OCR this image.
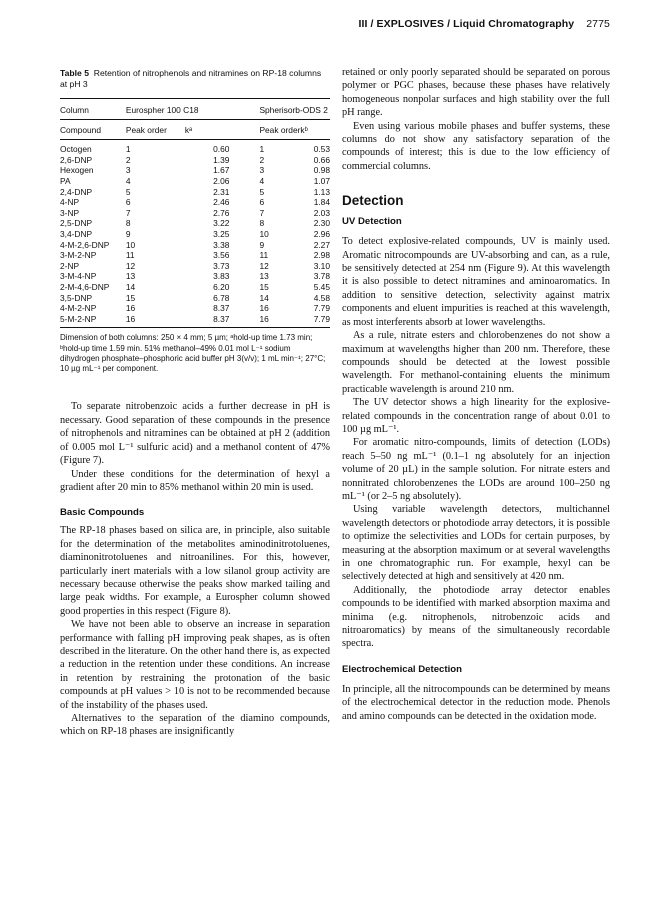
III / EXPLOSIVES / Liquid Chromatography 2775
Table 5 Retention of nitrophenols and nitramines on RP-18 columns at pH 3
Column	Eurospher 100 C18		Spherisorb-ODS 2	
Compound	Peak order	kᵃ	Peak order	kᵇ
Octogen	1	0.60	1	0.53
2,6-DNP	2	1.39	2	0.66
Hexogen	3	1.67	3	0.98
PA	4	2.06	4	1.07
2,4-DNP	5	2.31	5	1.13
4-NP	6	2.46	6	1.84
3-NP	7	2.76	7	2.03
2,5-DNP	8	3.22	8	2.30
3,4-DNP	9	3.25	10	2.96
4-M-2,6-DNP	10	3.38	9	2.27
3-M-2-NP	11	3.56	11	2.98
2-NP	12	3.73	12	3.10
3-M-4-NP	13	3.83	13	3.78
2-M-4,6-DNP	14	6.20	15	5.45
3,5-DNP	15	6.78	14	4.58
4-M-2-NP	16	8.37	16	7.79
5-M-2-NP	16	8.37	16	7.79
Dimension of both columns: 250 × 4 mm; 5 µm; ᵃhold-up time 1.73 min; ᵇhold-up time 1.59 min. 51% methanol–49% 0.01 mol L⁻¹ sodium dihydrogen phosphate–phosphoric acid buffer pH 3(v/v); 1 mL min⁻¹; 27°C; 10 µg mL⁻¹ per component.

To separate nitrobenzoic acids a further decrease in pH is necessary. Good separation of these compounds in the presence of nitrophenols and nitramines can be obtained at pH 2 (addition of 0.005 mol L⁻¹ sulfuric acid) and a methanol content of 47% (Figure 7).

Under these conditions for the determination of hexyl a gradient after 20 min to 85% methanol within 20 min is used.

Basic Compounds

The RP-18 phases based on silica are, in principle, also suitable for the determination of the metabolites aminodinitrotoluenes, diaminonitrotoluenes and nitroanilines. For this, however, particularly inert materials with a low silanol group activity are necessary because otherwise the peaks show marked tailing and large peak widths. For example, a Eurospher column showed good properties in this respect (Figure 8).

We have not been able to observe an increase in separation performance with falling pH improving peak shapes, as is often described in the literature. On the other hand there is, as expected a reduction in the retention under these conditions. An increase in retention by restraining the protonation of the basic compounds at pH values > 10 is not to be recommended because of the instability of the phases used.

Alternatives to the separation of the diamino compounds, which on RP-18 phases are insignificantly

retained or only poorly separated should be separated on porous polymer or PGC phases, because these phases have relatively homogeneous nonpolar surfaces and high stability over the full pH range.

Even using various mobile phases and buffer systems, these columns do not show any satisfactory separation of the compounds of interest; this is due to the low efficiency of commercial columns.

Detection
UV Detection

To detect explosive-related compounds, UV is mainly used. Aromatic nitrocompounds are UV-absorbing and can, as a rule, be sensitively detected at 254 nm (Figure 9). At this wavelength it is also possible to detect nitramines and aminoaromatics. In addition to sensitive detection, selectivity against matrix components and eluent impurities is reached at this wavelength, as most interferents absorb at lower wavelengths.

As a rule, nitrate esters and chlorobenzenes do not show a maximum at wavelengths higher than 200 nm. Therefore, these compounds should be detected at the lowest possible wavelength. For methanol-containing eluents the minimum practicable wavelength is around 210 nm.

The UV detector shows a high linearity for the explosive-related compounds in the concentration range of about 0.01 to 100 µg mL⁻¹.

For aromatic nitro-compounds, limits of detection (LODs) reach 5–50 ng mL⁻¹ (0.1–1 ng absolutely for an injection volume of 20 µL) in the sample solution. For nitrate esters and nonnitrated chlorobenzenes the LODs are around 100–250 ng mL⁻¹ (or 2–5 ng absolutely).

Using variable wavelength detectors, multichannel wavelength detectors or photodiode array detectors, it is possible to optimize the selectivities and LODs for certain purposes, by measuring at the absorption maximum or at several wavelengths in one chromatographic run. For example, hexyl can be selectively detected at high and sensitively at 420 nm.

Additionally, the photodiode array detector enables compounds to be identified with marked absorption maxima and minima (e.g. nitrophenols, nitrobenzoic acids and nitroaromatics) by means of the simultaneously recordable spectra.

Electrochemical Detection

In principle, all the nitrocompounds can be determined by means of the electrochemical detector in the reduction mode. Phenols and amino compounds can be detected in the oxidation mode.
